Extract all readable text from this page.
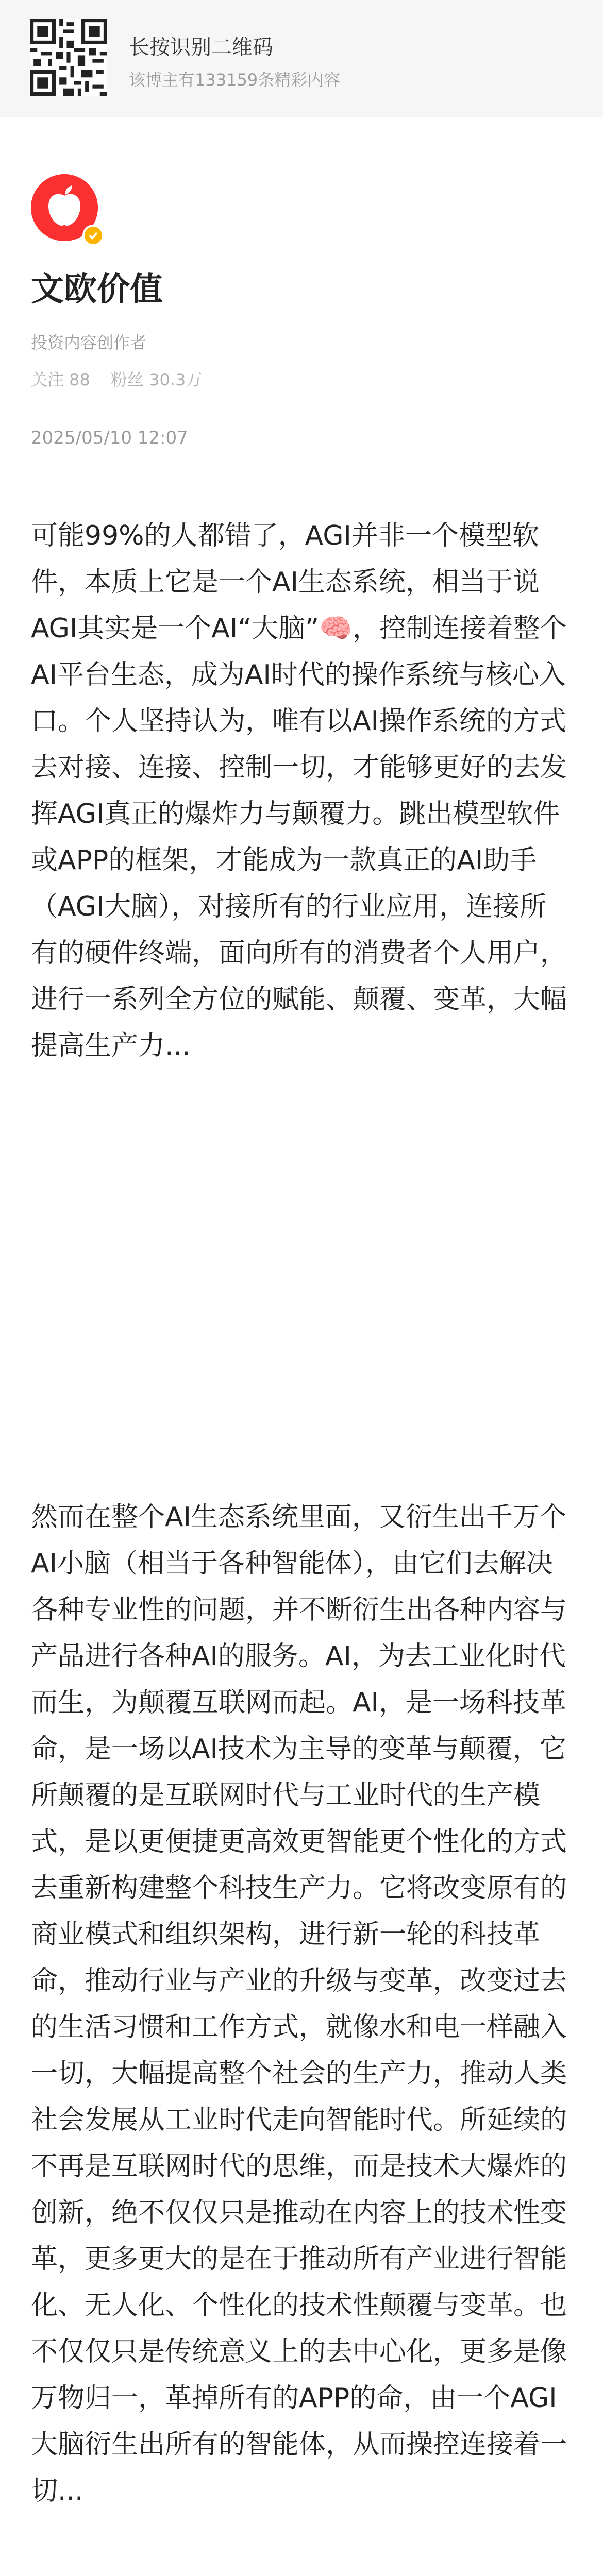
长按识别二维码
该博主有133159条精彩内容
文欧价值
投资内容创作者
关注 88 粉丝 30.3万
2025/05/10 12:07

可能99%的人都错了，AGI并非一个模型软件，本质上它是一个AI生态系统，相当于说AGI其实是一个AI“大脑”🧠，控制连接着整个AI平台生态，成为AI时代的操作系统与核心入口。个人坚持认为，唯有以AI操作系统的方式去对接、连接、控制一切，才能够更好的去发挥AGI真正的爆炸力与颠覆力。跳出模型软件或APP的框架，才能成为一款真正的AI助手（AGI大脑），对接所有的行业应用，连接所有的硬件终端，面向所有的消费者个人用户，进行一系列全方位的赋能、颠覆、变革，大幅提高生产力...

然而在整个AI生态系统里面，又衍生出千万个AI小脑（相当于各种智能体），由它们去解决各种专业性的问题，并不断衍生出各种内容与产品进行各种AI的服务。AI，为去工业化时代而生，为颠覆互联网而起。AI，是一场科技革命，是一场以AI技术为主导的变革与颠覆，它所颠覆的是互联网时代与工业时代的生产模式，是以更便捷更高效更智能更个性化的方式去重新构建整个科技生产力。它将改变原有的商业模式和组织架构，进行新一轮的科技革命，推动行业与产业的升级与变革，改变过去的生活习惯和工作方式，就像水和电一样融入一切，大幅提高整个社会的生产力，推动人类社会发展从工业时代走向智能时代。所延续的不再是互联网时代的思维，而是技术大爆炸的创新，绝不仅仅只是推动在内容上的技术性变革，更多更大的是在于推动所有产业进行智能化、无人化、个性化的技术性颠覆与变革。也不仅仅只是传统意义上的去中心化，更多是像万物归一，革掉所有的APP的命，由一个AGI大脑衍生出所有的智能体，从而操控连接着一切...
